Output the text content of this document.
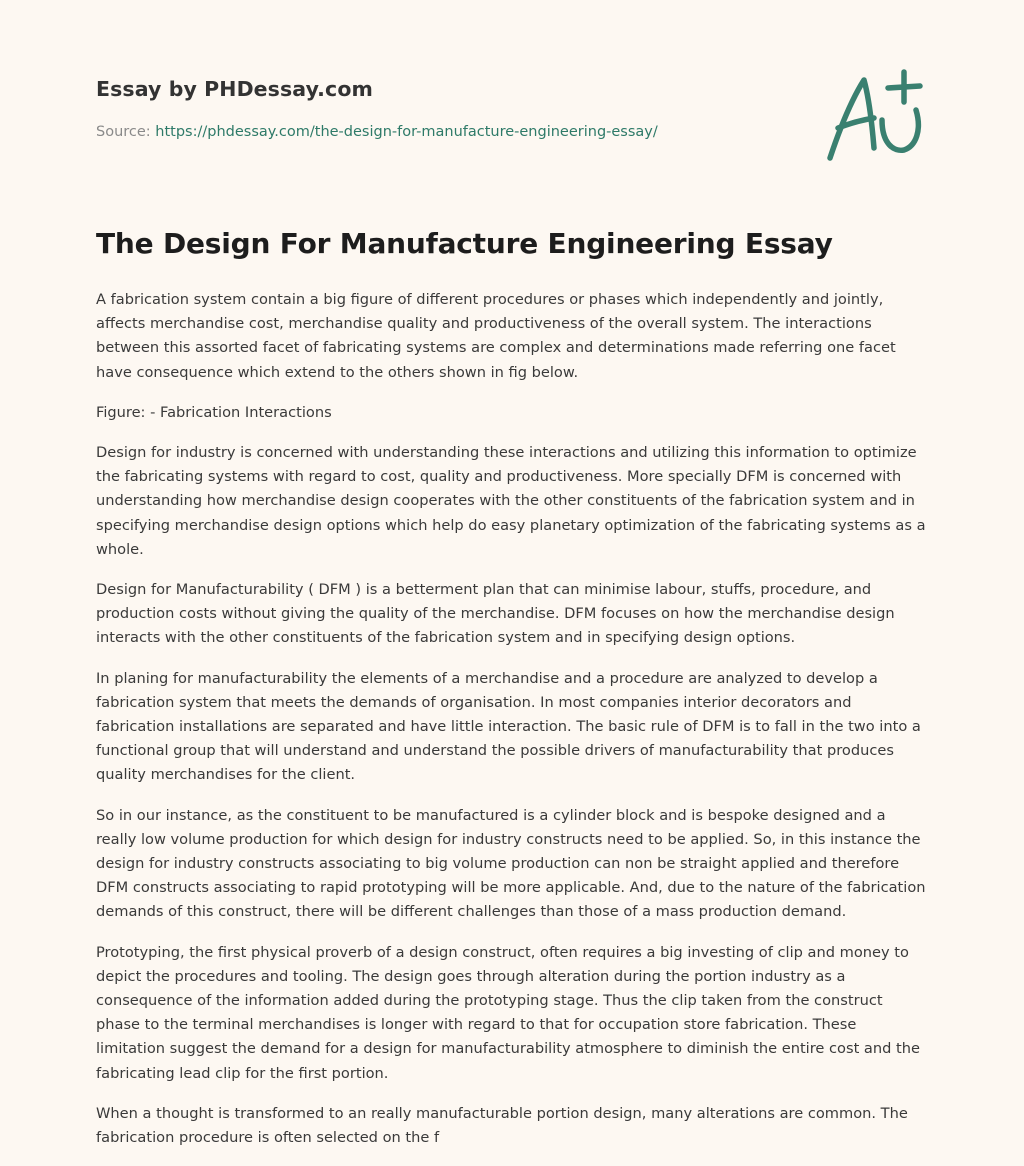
Essay by PHDessay.com
Source: https://phdessay.com/the-design-for-manufacture-engineering-essay/
The Design For Manufacture Engineering Essay

A fabrication system contain a big figure of different procedures or phases which independently and jointly, affects merchandise cost, merchandise quality and productiveness of the overall system. The interactions between this assorted facet of fabricating systems are complex and determinations made referring one facet have consequence which extend to the others shown in fig below.

Figure: - Fabrication Interactions

Design for industry is concerned with understanding these interactions and utilizing this information to optimize the fabricating systems with regard to cost, quality and productiveness. More specially DFM is concerned with understanding how merchandise design cooperates with the other constituents of the fabrication system and in specifying merchandise design options which help do easy planetary optimization of the fabricating systems as a whole.

Design for Manufacturability ( DFM ) is a betterment plan that can minimise labour, stuffs, procedure, and production costs without giving the quality of the merchandise. DFM focuses on how the merchandise design interacts with the other constituents of the fabrication system and in specifying design options.

In planing for manufacturability the elements of a merchandise and a procedure are analyzed to develop a fabrication system that meets the demands of organisation. In most companies interior decorators and fabrication installations are separated and have little interaction. The basic rule of DFM is to fall in the two into a functional group that will understand and understand the possible drivers of manufacturability that produces quality merchandises for the client.

So in our instance, as the constituent to be manufactured is a cylinder block and is bespoke designed and a really low volume production for which design for industry constructs need to be applied. So, in this instance the design for industry constructs associating to big volume production can non be straight applied and therefore DFM constructs associating to rapid prototyping will be more applicable. And, due to the nature of the fabrication demands of this construct, there will be different challenges than those of a mass production demand.

Prototyping, the first physical proverb of a design construct, often requires a big investing of clip and money to depict the procedures and tooling. The design goes through alteration during the portion industry as a consequence of the information added during the prototyping stage. Thus the clip taken from the construct phase to the terminal merchandises is longer with regard to that for occupation store fabrication. These limitation suggest the demand for a design for manufacturability atmosphere to diminish the entire cost and the fabricating lead clip for the first portion.

When a thought is transformed to an really manufacturable portion design, many alterations are common. The fabrication procedure is often selected on the f
